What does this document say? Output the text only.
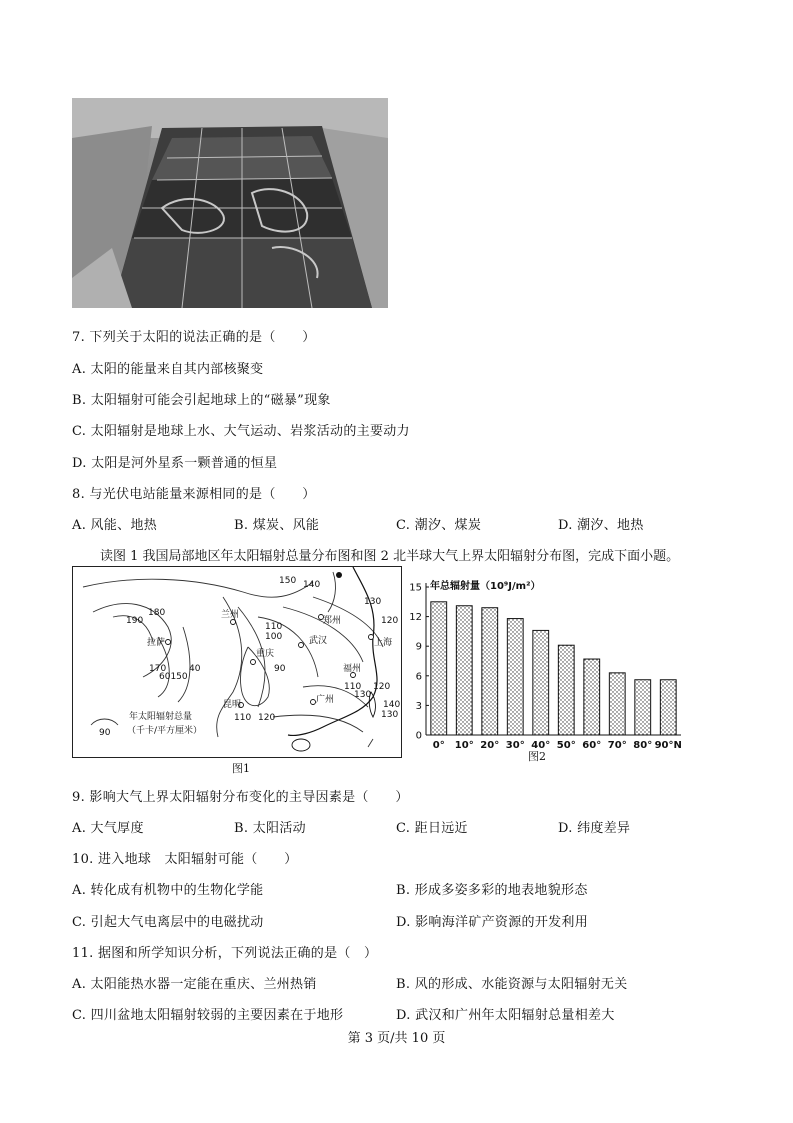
7. 下列关于太阳的说法正确的是（　　）
A. 太阳的能量来自其内部核聚变
B. 太阳辐射可能会引起地球上的“磁暴”现象
C. 太阳辐射是地球上水、大气运动、岩浆活动的主要动力
D. 太阳是河外星系一颗普通的恒星
8. 与光伏电站能量来源相同的是（　　）
A. 风能、地热	B. 煤炭、风能	C. 潮汐、煤炭	D. 潮汐、地热
读图 1 我国局部地区年太阳辐射总量分布图和图 2 北半球大气上界太阳辐射分布图，完成下面小题。
兰州
郑州
拉萨	武汉	上海
重庆
福州
广州
昆明
150 140
130
180
190
110
100
120
170
60150
40	90
110
130
120
110
140
130
120
年太阳辐射总量
（千卡/平方厘米）
90
图1
0
3
6
9
12
15 年总辐射量（10⁹J/m²）
0° 10° 20° 30° 40° 50° 60° 70° 80° 90°N
图2
9. 影响大气上界太阳辐射分布变化的主导因素是（　　）
A. 大气厚度	B. 太阳活动	C. 距日远近	D. 纬度差异
10. 进入地球　太阳辐射可能（　　）
A. 转化成有机物中的生物化学能	B. 形成多姿多彩的地表地貌形态
C. 引起大气电离层中的电磁扰动	D. 影响海洋矿产资源的开发利用
11. 据图和所学知识分析，下列说法正确的是（　）
A. 太阳能热水器一定能在重庆、兰州热销	B. 风的形成、水能资源与太阳辐射无关
C. 四川盆地太阳辐射较弱的主要因素在于地形	D. 武汉和广州年太阳辐射总量相差大
第 3 页/共 10 页
